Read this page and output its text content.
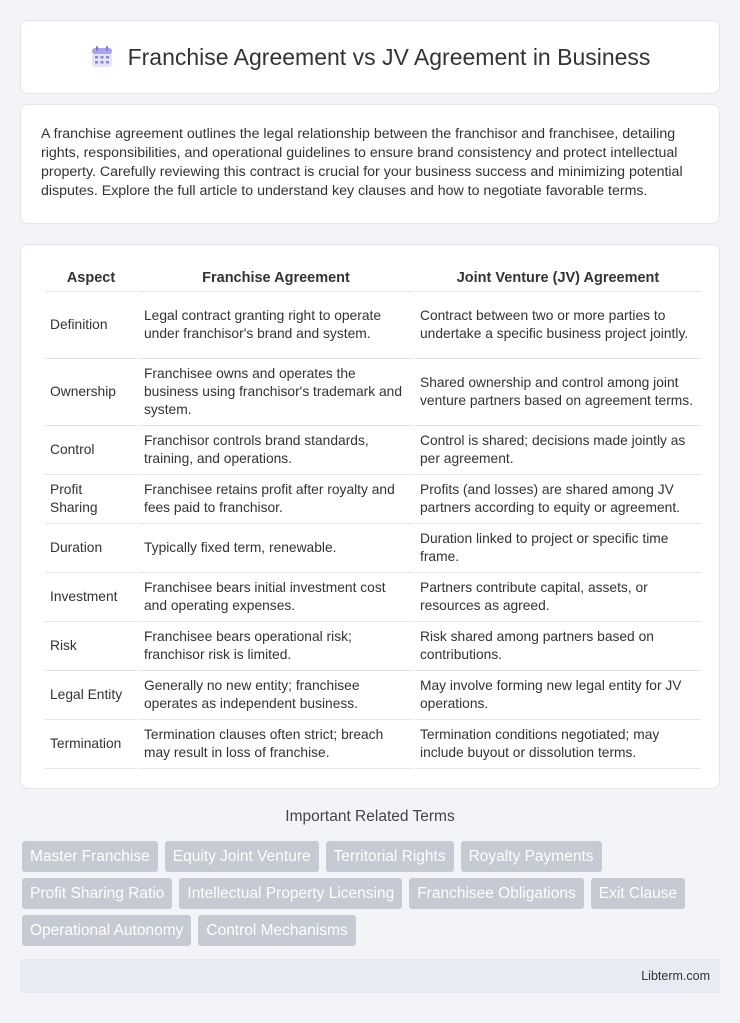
Franchise Agreement vs JV Agreement in Business

A franchise agreement outlines the legal relationship between the franchisor and franchisee, detailing rights, responsibilities, and operational guidelines to ensure brand consistency and protect intellectual property. Carefully reviewing this contract is crucial for your business success and minimizing potential disputes. Explore the full article to understand key clauses and how to negotiate favorable terms.

Aspect	Franchise Agreement	Joint Venture (JV) Agreement
Definition	Legal contract granting right to operate under franchisor's brand and system.	Contract between two or more parties to undertake a specific business project jointly.
Ownership	Franchisee owns and operates the business using franchisor's trademark and system.	Shared ownership and control among joint venture partners based on agreement terms.
Control	Franchisor controls brand standards, training, and operations.	Control is shared; decisions made jointly as per agreement.
Profit Sharing	Franchisee retains profit after royalty and fees paid to franchisor.	Profits (and losses) are shared among JV partners according to equity or agreement.
Duration	Typically fixed term, renewable.	Duration linked to project or specific time frame.
Investment	Franchisee bears initial investment cost and operating expenses.	Partners contribute capital, assets, or resources as agreed.
Risk	Franchisee bears operational risk; franchisor risk is limited.	Risk shared among partners based on contributions.
Legal Entity	Generally no new entity; franchisee operates as independent business.	May involve forming new legal entity for JV operations.
Termination	Termination clauses often strict; breach may result in loss of franchise.	Termination conditions negotiated; may include buyout or dissolution terms.
Important Related Terms
Master Franchise	Equity Joint Venture	Territorial Rights	Royalty Payments
Profit Sharing Ratio	Intellectual Property Licensing	Franchisee Obligations	Exit Clause
Operational Autonomy	Control Mechanisms
Libterm.com
